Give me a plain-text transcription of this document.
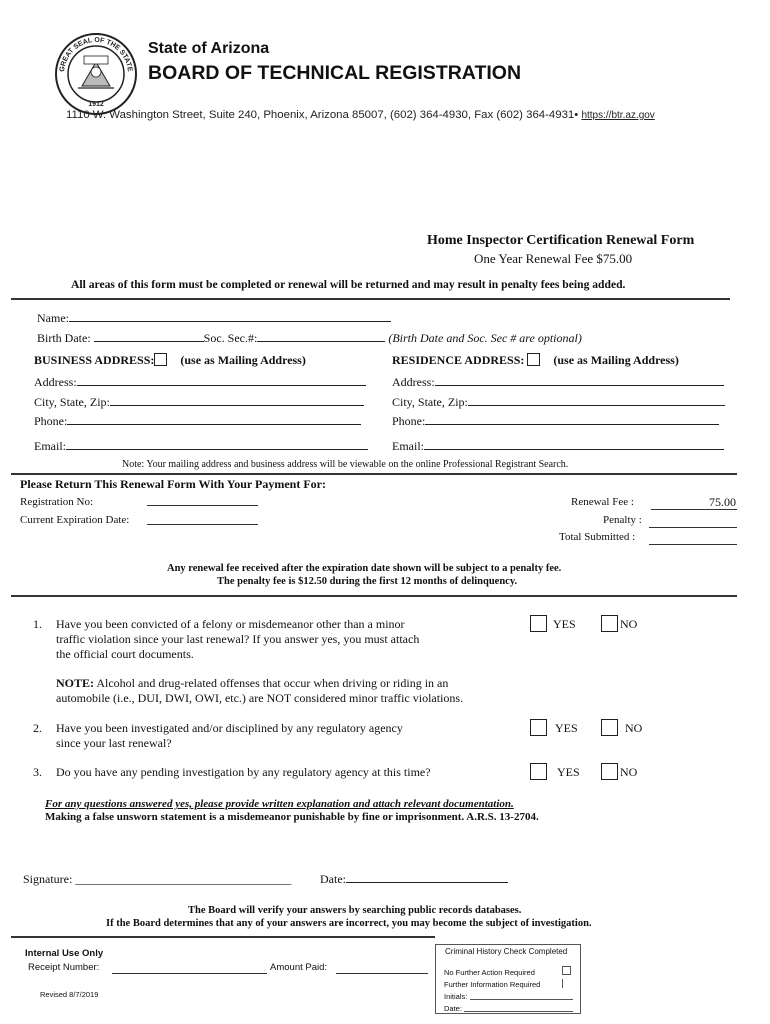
GREAT SEAL OF THE STATE
1912
State of Arizona
BOARD OF TECHNICAL REGISTRATION
1110 W. Washington Street, Suite 240, Phoenix, Arizona 85007, (602) 364-4930, Fax (602) 364-4931• https://btr.az.gov
Home Inspector Certification Renewal Form
One Year Renewal Fee $75.00
All areas of this form must be completed or renewal will be returned and may result in penalty fees being added.
Name:
Birth Date:	Soc. Sec.#:	(Birth Date and Soc. Sec # are optional)
BUSINESS ADDRESS: (use as Mailing Address)	RESIDENCE ADDRESS: (use as Mailing Address)
Address:
City, State, Zip:
Phone:
Email:
Address:
City, State, Zip:
Phone:
Email:
Note: Your mailing address and business address will be viewable on the online Professional Registrant Search.
Please Return This Renewal Form With Your Payment For:
Registration No:
Current Expiration Date:
Renewal Fee :	75.00
Penalty :
Total Submitted :
Any renewal fee received after the expiration date shown will be subject to a penalty fee.
The penalty fee is $12.50 during the first 12 months of delinquency.
1. Have you been convicted of a felony or misdemeanor other than a minor
traffic violation since your last renewal? If you answer yes, you must attach
the official court documents.
YES	NO
NOTE: Alcohol and drug-related offenses that occur when driving or riding in an
automobile (i.e., DUI, DWI, OWI, etc.) are NOT considered minor traffic violations.
2. Have you been investigated and/or disciplined by any regulatory agency
since your last renewal?
YES	NO
3. Do you have any pending investigation by any regulatory agency at this time?	YES	NO
For any questions answered yes, please provide written explanation and attach relevant documentation.
Making a false unsworn statement is a misdemeanor punishable by fine or imprisonment. A.R.S. 13-2704.
Signature: ____________________________________ Date:
The Board will verify your answers by searching public records databases.
If the Board determines that any of your answers are incorrect, you may become the subject of investigation.
Internal Use Only
Receipt Number:	Amount Paid:
Revised 8/7/2019
Criminal History Check Completed
No Further Action Required
Further Information Required
Initials:
Date:
